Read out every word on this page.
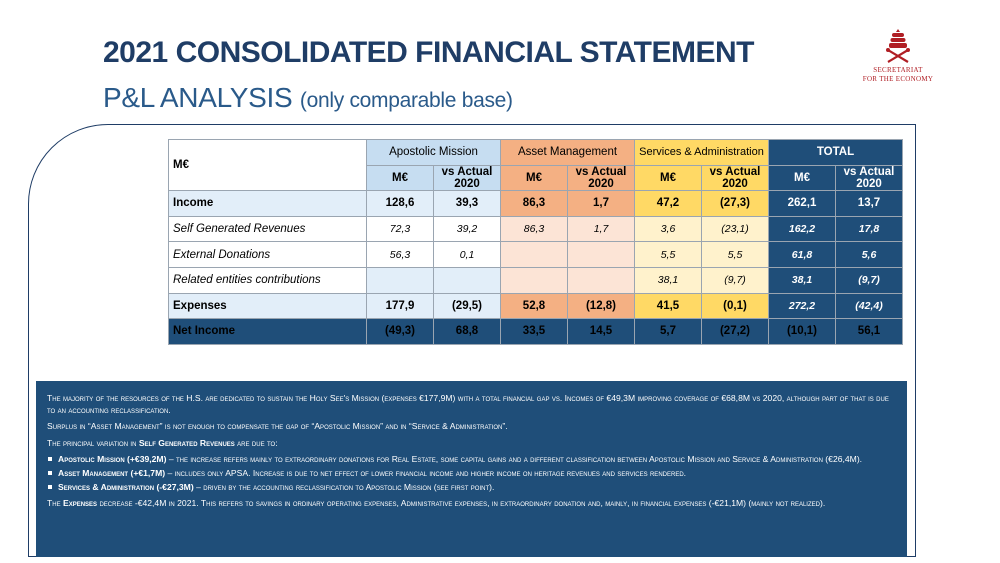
2021 CONSOLIDATED FINANCIAL STATEMENT
P&L ANALYSIS (only comparable base)
SECRETARIAT
FOR THE ECONOMY
M€	Apostolic Mission		Asset Management		Services & Administration		TOTAL	
	M€	vs Actual 2020	M€	vs Actual 2020	M€	vs Actual 2020	M€	vs Actual 2020
Income	128,6	39,3	86,3	1,7	47,2	(27,3)	262,1	13,7
Self Generated Revenues	72,3	39,2	86,3	1,7	3,6	(23,1)	162,2	17,8
External Donations	56,3	0,1			5,5	5,5	61,8	5,6
Related entities contributions					38,1	(9,7)	38,1	(9,7)
Expenses	177,9	(29,5)	52,8	(12,8)	41,5	(0,1)	272,2	(42,4)
Net Income	(49,3)	68,8	33,5	14,5	5,7	(27,2)	(10,1)	56,1

The majority of the resources of the H.S. are dedicated to sustain the Holy See's Mission (expenses €177,9M) with a total financial gap vs. Incomes of €49,3M improving coverage of €68,8M vs 2020, although part of that is due to an accounting reclassification.

Surplus in “Asset Management” is not enough to compensate the gap of “Apostolic Mission” and in “Service & Administration”.

The principal variation in Self Generated Revenues are due to:

Apostolic Mission (+€39,2M) – the increase refers mainly to extraordinary donations for Real Estate, some capital gains and a different classification between Apostolic Mission and Service & Administration (€26,4M).
Asset Management (+€1,7M) – includes only APSA. Increase is due to net effect of lower financial income and higher income on heritage revenues and services rendered.
Services & Administration (-€27,3M) – driven by the accounting reclassification to Apostolic Mission (see first point).

The Expenses decrease -€42,4M in 2021. This refers to savings in ordinary operating expenses, Administrative expenses, in extraordinary donation and, mainly, in financial expenses (-€21,1M) (mainly not realized).
